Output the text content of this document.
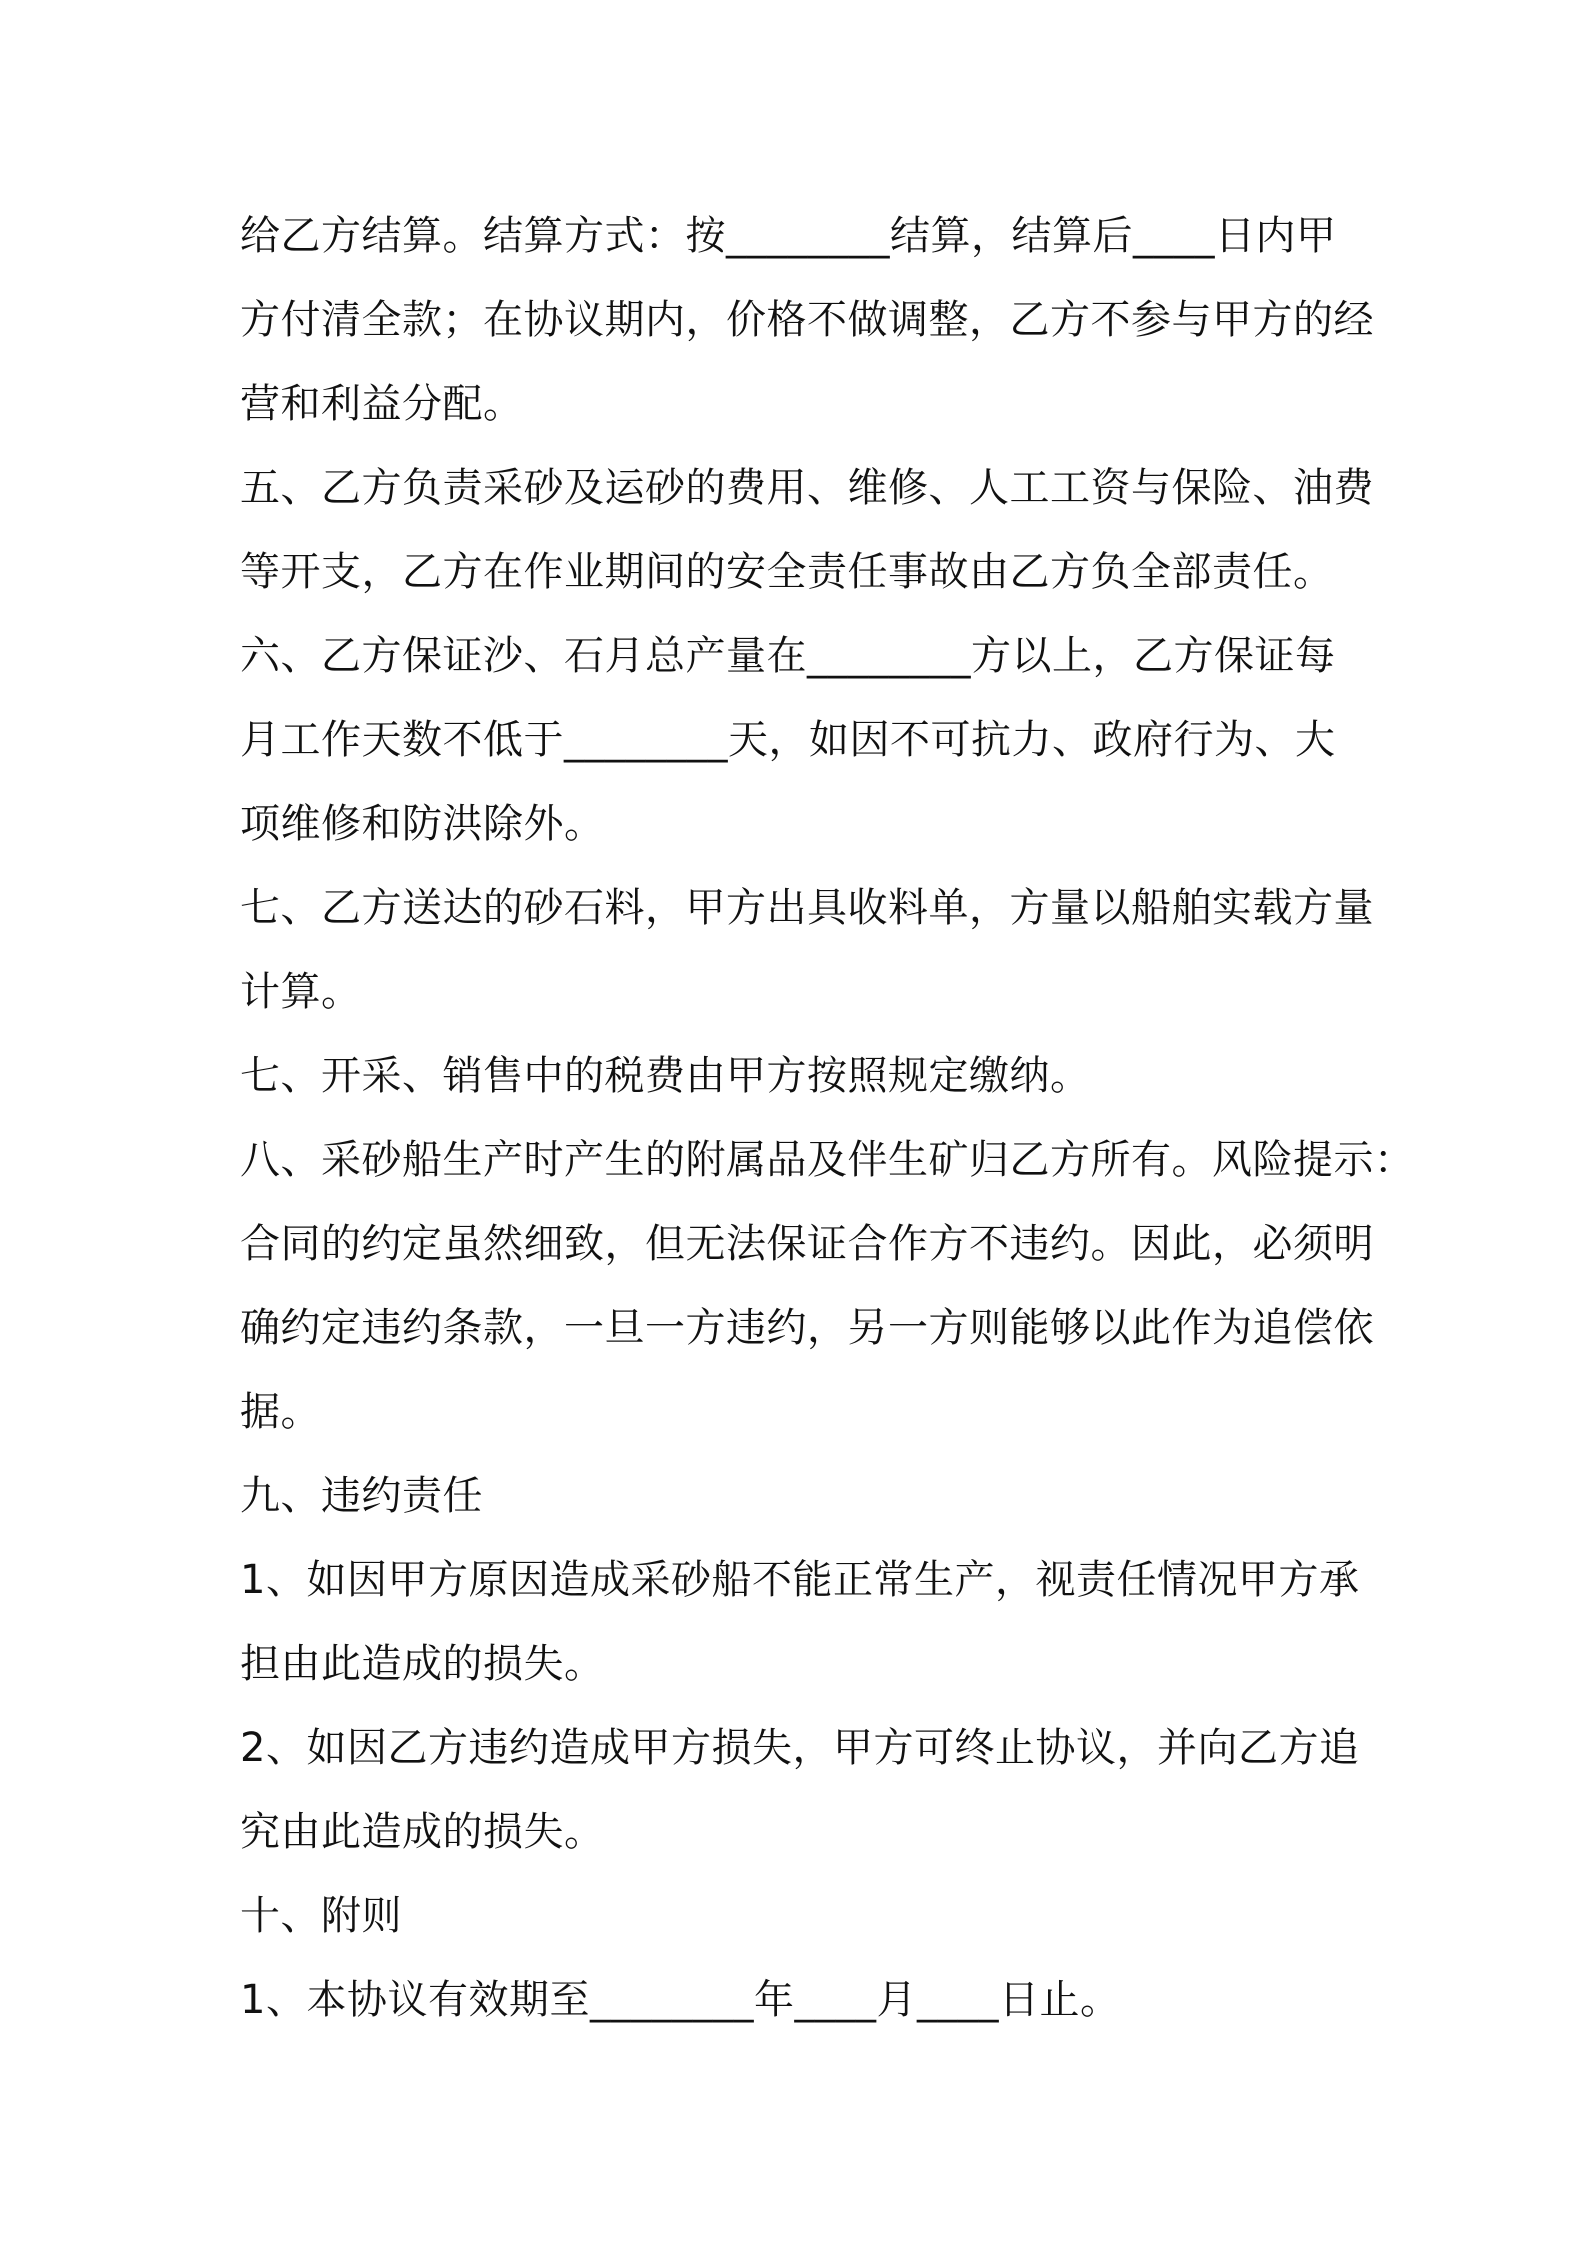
给乙方结算。结算方式：按________结算，结算后____日内甲
方付清全款；在协议期内，价格不做调整，乙方不参与甲方的经
营和利益分配。
五、乙方负责采砂及运砂的费用、维修、人工工资与保险、油费
等开支，乙方在作业期间的安全责任事故由乙方负全部责任。
六、乙方保证沙、石月总产量在________方以上，乙方保证每
月工作天数不低于________天，如因不可抗力、政府行为、大
项维修和防洪除外。
七、乙方送达的砂石料，甲方出具收料单，方量以船舶实载方量
计算。
七、开采、销售中的税费由甲方按照规定缴纳。
八、采砂船生产时产生的附属品及伴生矿归乙方所有。风险提示：
合同的约定虽然细致，但无法保证合作方不违约。因此，必须明
确约定违约条款，一旦一方违约，另一方则能够以此作为追偿依
据。
九、违约责任
1、如因甲方原因造成采砂船不能正常生产，视责任情况甲方承
担由此造成的损失。
2、如因乙方违约造成甲方损失，甲方可终止协议，并向乙方追
究由此造成的损失。
十、附则
1、本协议有效期至________年____月____日止。
